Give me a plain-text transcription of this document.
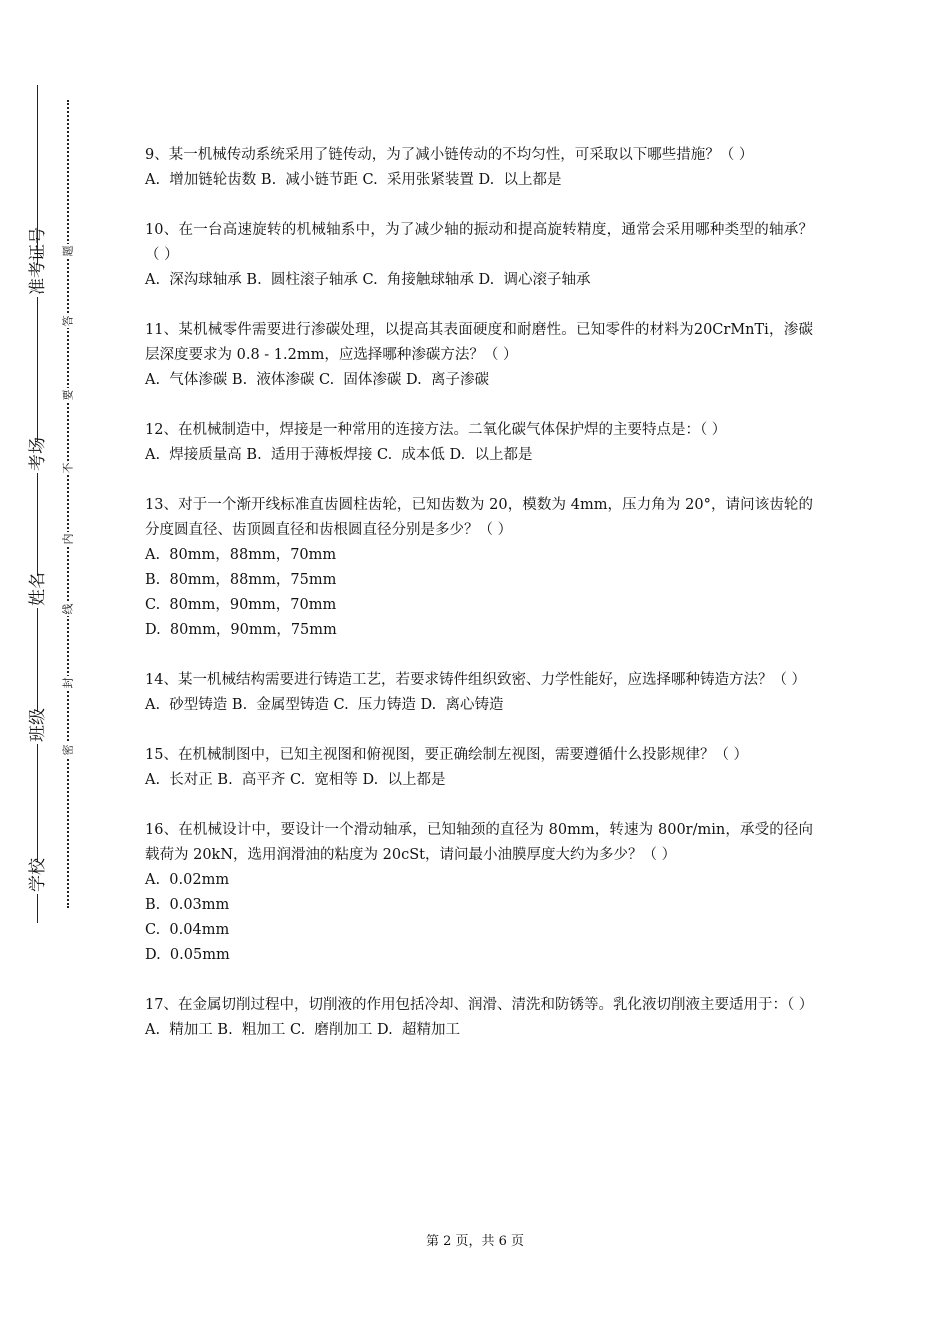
学校
班级
姓名
考场
准考证号
密
封
线
内
不
要
答
题

9、某一机械传动系统采用了链传动，为了减小链传动的不均匀性，可采取以下哪些措施？（ ）

A.  增加链轮齿数 B.  减小链节距 C.  采用张紧装置 D.  以上都是

10、在一台高速旋转的机械轴系中，为了减少轴的振动和提高旋转精度，通常会采用哪种类型的轴承？（ ）

A.  深沟球轴承 B.  圆柱滚子轴承 C.  角接触球轴承 D.  调心滚子轴承

11、某机械零件需要进行渗碳处理，以提高其表面硬度和耐磨性。已知零件的材料为20CrMnTi，渗碳层深度要求为 0.8 - 1.2mm，应选择哪种渗碳方法？（ ）

A.  气体渗碳 B.  液体渗碳 C.  固体渗碳 D.  离子渗碳

12、在机械制造中，焊接是一种常用的连接方法。二氧化碳气体保护焊的主要特点是：（ ）

A.  焊接质量高 B.  适用于薄板焊接 C.  成本低 D.  以上都是

13、对于一个渐开线标准直齿圆柱齿轮，已知齿数为 20，模数为 4mm，压力角为 20°，请问该齿轮的分度圆直径、齿顶圆直径和齿根圆直径分别是多少？（ ）

A.  80mm，88mm，70mm

B.  80mm，88mm，75mm

C.  80mm，90mm，70mm

D.  80mm，90mm，75mm

14、某一机械结构需要进行铸造工艺，若要求铸件组织致密、力学性能好，应选择哪种铸造方法？（ ）

A.  砂型铸造 B.  金属型铸造 C.  压力铸造 D.  离心铸造

15、在机械制图中，已知主视图和俯视图，要正确绘制左视图，需要遵循什么投影规律？（ ）

A.  长对正 B.  高平齐 C.  宽相等 D.  以上都是

16、在机械设计中，要设计一个滑动轴承，已知轴颈的直径为 80mm，转速为 800r/min，承受的径向载荷为 20kN，选用润滑油的粘度为 20cSt，请问最小油膜厚度大约为多少？（ ）

A.  0.02mm

B.  0.03mm

C.  0.04mm

D.  0.05mm

17、在金属切削过程中，切削液的作用包括冷却、润滑、清洗和防锈等。乳化液切削液主要适用于：（ ）

A.  精加工 B.  粗加工 C.  磨削加工 D.  超精加工

第 2 页，共 6 页
